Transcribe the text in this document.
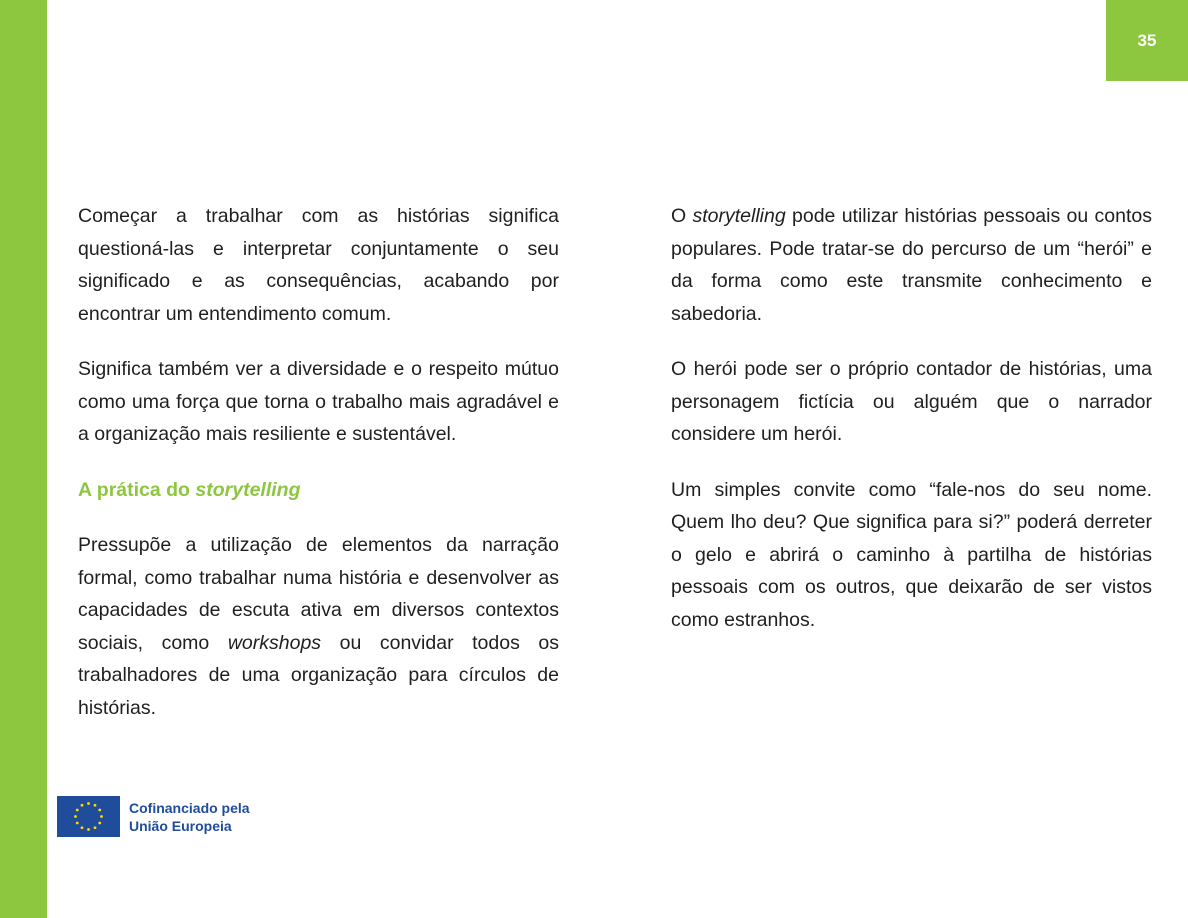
35

Começar a trabalhar com as histórias significa questioná-las e interpretar conjuntamente o seu significado e as consequências, acabando por encontrar um entendimento comum.

Significa também ver a diversidade e o respeito mútuo como uma força que torna o trabalho mais agradável e a organização mais resiliente e sustentável.

A prática do storytelling

Pressupõe a utilização de elementos da narração formal, como trabalhar numa história e desenvolver as capacidades de escuta ativa em diversos contextos sociais, como workshops ou convidar todos os trabalhadores de uma organização para círculos de histórias.

O storytelling pode utilizar histórias pessoais ou contos populares. Pode tratar-se do percurso de um “herói” e da forma como este transmite conhecimento e sabedoria.

O herói pode ser o próprio contador de histórias, uma personagem fictícia ou alguém que o narrador considere um herói.

Um simples convite como “fale-nos do seu nome. Quem lho deu? Que significa para si?” poderá derreter o gelo e abrirá o caminho à partilha de histórias pessoais com os outros, que deixarão de ser vistos como estranhos.

Cofinanciado pela
União Europeia
